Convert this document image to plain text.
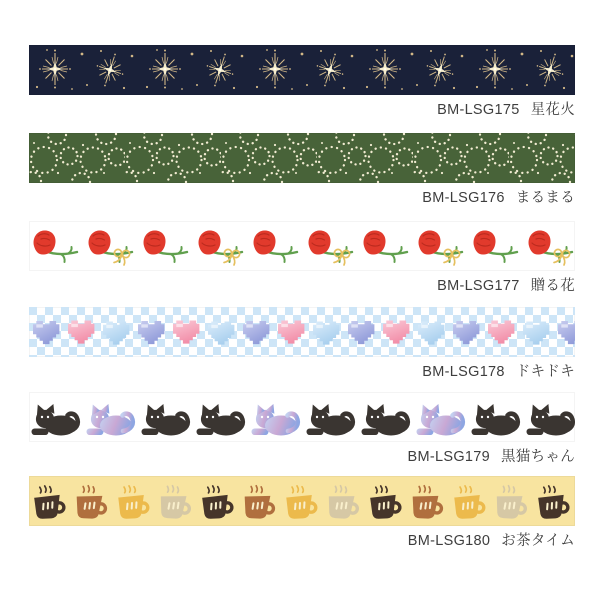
BM-LSG175 星花火
BM-LSG176 まるまる
BM-LSG177 贈る花
BM-LSG178 ドキドキ
BM-LSG179 黒猫ちゃん
BM-LSG180 お茶タイム
